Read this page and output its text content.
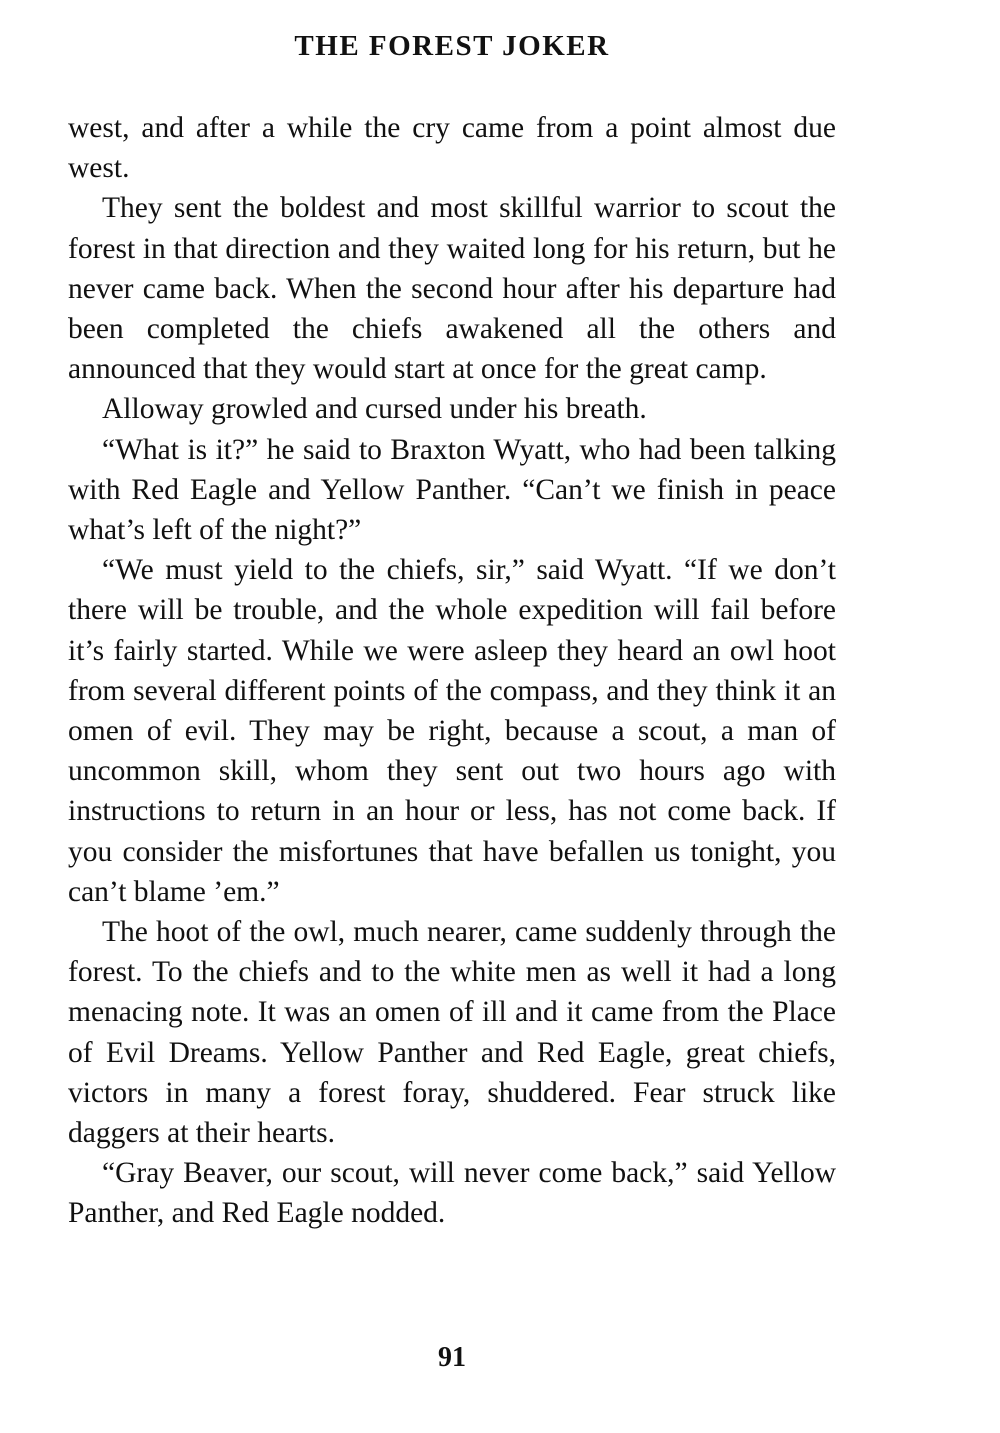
THE FOREST JOKER

west, and after a while the cry came from a point almost due west.

They sent the boldest and most skillful warrior to scout the forest in that direction and they waited long for his return, but he never came back. When the second hour after his departure had been completed the chiefs awakened all the others and announced that they would start at once for the great camp.

Alloway growled and cursed under his breath.

“What is it?” he said to Braxton Wyatt, who had been talking with Red Eagle and Yellow Panther. “Can’t we finish in peace what’s left of the night?”

“We must yield to the chiefs, sir,” said Wyatt. “If we don’t there will be trouble, and the whole expedition will fail before it’s fairly started. While we were asleep they heard an owl hoot from several different points of the compass, and they think it an omen of evil. They may be right, because a scout, a man of uncommon skill, whom they sent out two hours ago with instructions to return in an hour or less, has not come back. If you consider the misfortunes that have befallen us tonight, you can’t blame ’em.”

The hoot of the owl, much nearer, came suddenly through the forest. To the chiefs and to the white men as well it had a long menacing note. It was an omen of ill and it came from the Place of Evil Dreams. Yellow Panther and Red Eagle, great chiefs, victors in many a forest foray, shuddered. Fear struck like daggers at their hearts.

“Gray Beaver, our scout, will never come back,” said Yellow Panther, and Red Eagle nodded.

91
